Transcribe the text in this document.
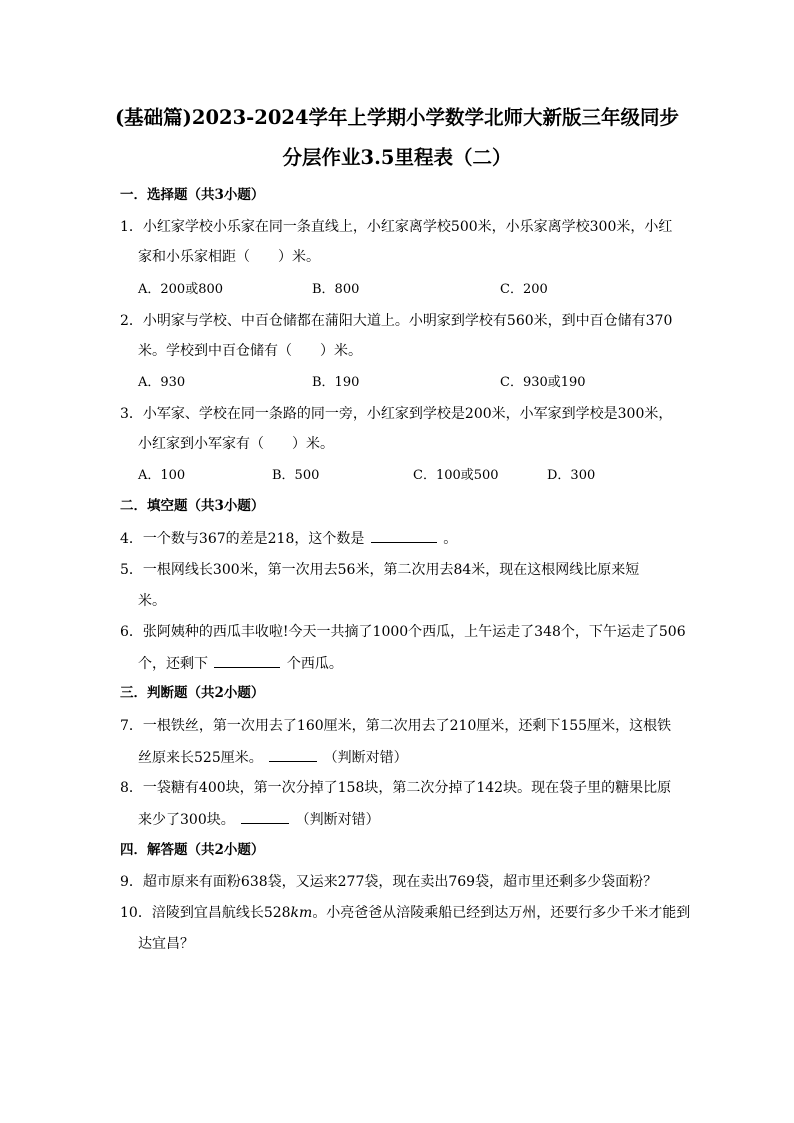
(基础篇)2023-2024学年上学期小学数学北师大新版三年级同步
分层作业3.5里程表（二）
一．选择题（共3小题）
1．小红家学校小乐家在同一条直线上，小红家离学校500米，小乐家离学校300米，小红
家和小乐家相距（　　）米。
A．200或800	B．800	C．200
2．小明家与学校、中百仓储都在蒲阳大道上。小明家到学校有560米，到中百仓储有370
米。学校到中百仓储有（　　）米。
A．930	B．190	C．930或190
3．小军家、学校在同一条路的同一旁，小红家到学校是200米，小军家到学校是300米，
小红家到小军家有（　　）米。
A．100	B．500	C．100或500	D．300
二．填空题（共3小题）
4．一个数与367的差是218，这个数是	。
5．一根网线长300米，第一次用去56米，第二次用去84米，现在这根网线比原来短
米。
6．张阿姨种的西瓜丰收啦!今天一共摘了1000个西瓜，上午运走了348个，下午运走了506
个，还剩下	个西瓜。
三．判断题（共2小题）
7．一根铁丝，第一次用去了160厘米，第二次用去了210厘米，还剩下155厘米，这根铁
丝原来长525厘米。	（判断对错）
8．一袋糖有400块，第一次分掉了158块，第二次分掉了142块。现在袋子里的糖果比原
来少了300块。	（判断对错）
四．解答题（共2小题）
9．超市原来有面粉638袋，又运来277袋，现在卖出769袋，超市里还剩多少袋面粉？
10．涪陵到宜昌航线长528km。小亮爸爸从涪陵乘船已经到达万州，还要行多少千米才能到
达宜昌？
